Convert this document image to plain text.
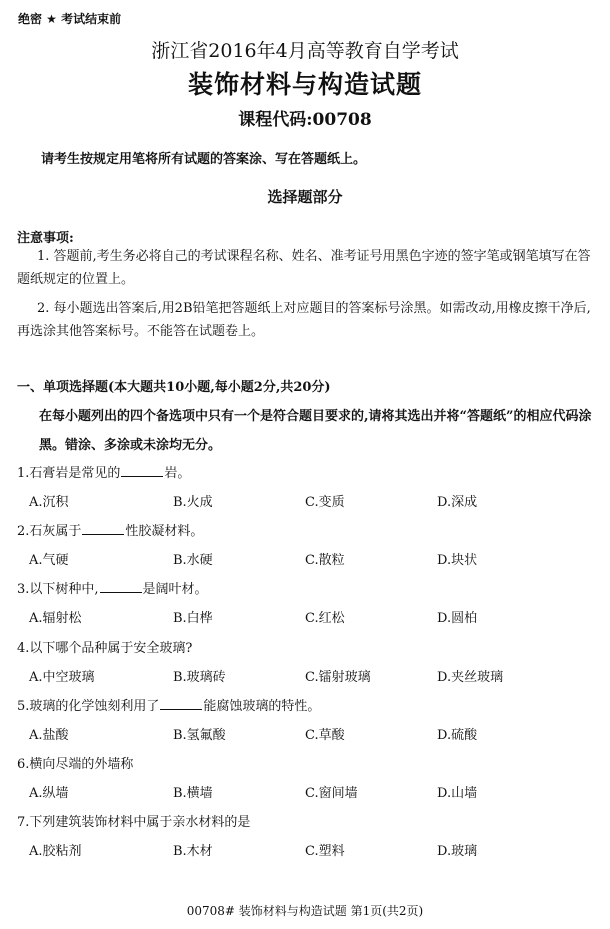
绝密 ★ 考试结束前
浙江省2016年4月高等教育自学考试
装饰材料与构造试题
课程代码:00708
请考生按规定用笔将所有试题的答案涂、写在答题纸上。
选择题部分
注意事项:
1. 答题前,考生务必将自己的考试课程名称、姓名、准考证号用黑色字迹的签字笔或钢笔填写在答题纸规定的位置上。
2. 每小题选出答案后,用2B铅笔把答题纸上对应题目的答案标号涂黑。如需改动,用橡皮擦干净后,再选涂其他答案标号。不能答在试题卷上。
一、单项选择题(本大题共10小题,每小题2分,共20分)
在每小题列出的四个备选项中只有一个是符合题目要求的,请将其选出并将“答题纸”的相应代码涂黑。错涂、多涂或未涂均无分。
1.石膏岩是常见的	岩。
A.沉积	B.火成	C.变质	D.深成
2.石灰属于	性胶凝材料。
A.气硬	B.水硬	C.散粒	D.块状
3.以下树种中,	是阔叶材。
A.辐射松	B.白桦	C.红松	D.圆柏
4.以下哪个品种属于安全玻璃?
A.中空玻璃	B.玻璃砖	C.镭射玻璃	D.夹丝玻璃
5.玻璃的化学蚀刻利用了	能腐蚀玻璃的特性。
A.盐酸	B.氢氟酸	C.草酸	D.硫酸
6.横向尽端的外墙称
A.纵墙	B.横墙	C.窗间墙	D.山墙
7.下列建筑装饰材料中属于亲水材料的是
A.胶粘剂	B.木材	C.塑料	D.玻璃
00708# 装饰材料与构造试题 第1页(共2页)
